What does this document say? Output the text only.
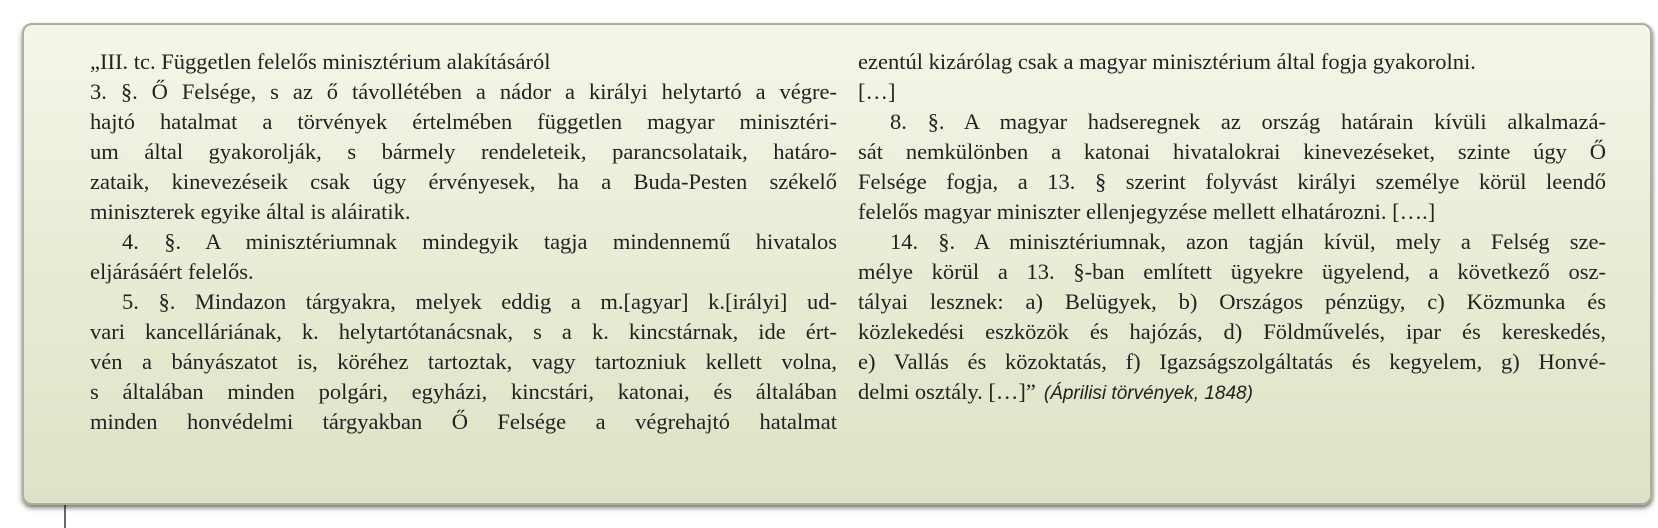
„III. tc. Független felelős minisztérium alakításáról
3. §. Ő Felsége, s az ő távollétében a nádor a királyi helytartó a végre-
hajtó hatalmat a törvények értelmében független magyar minisztéri-
um által gyakorolják, s bármely rendeleteik, parancsolataik, határo-
zataik, kinevezéseik csak úgy érvényesek, ha a Buda-Pesten székelő
miniszterek egyike által is aláiratik.
4. §. A minisztériumnak mindegyik tagja mindennemű hivatalos
eljárásáért felelős.
5. §. Mindazon tárgyakra, melyek eddig a m.[agyar] k.[irályi] ud-
vari kancelláriának, k. helytartótanácsnak, s a k. kincstárnak, ide ért-
vén a bányászatot is, köréhez tartoztak, vagy tartozniuk kellett volna,
s általában minden polgári, egyházi, kincstári, katonai, és általában
minden honvédelmi tárgyakban Ő Felsége a végrehajtó hatalmat
ezentúl kizárólag csak a magyar minisztérium által fogja gyakorolni.
[…]
8. §. A magyar hadseregnek az ország határain kívüli alkalmazá-
sát nemkülönben a katonai hivatalokrai kinevezéseket, szinte úgy Ő
Felsége fogja, a 13. § szerint folyvást királyi személye körül leendő
felelős magyar miniszter ellenjegyzése mellett elhatározni. [….]
14. §. A minisztériumnak, azon tagján kívül, mely a Felség sze-
mélye körül a 13. §-ban említett ügyekre ügyelend, a következő osz-
tályai lesznek: a) Belügyek, b) Országos pénzügy, c) Közmunka és
közlekedési eszközök és hajózás, d) Földművelés, ipar és kereskedés,
e) Vallás és közoktatás, f) Igazságszolgáltatás és kegyelem, g) Honvé-
delmi osztály. […]” (Áprilisi törvények, 1848)
